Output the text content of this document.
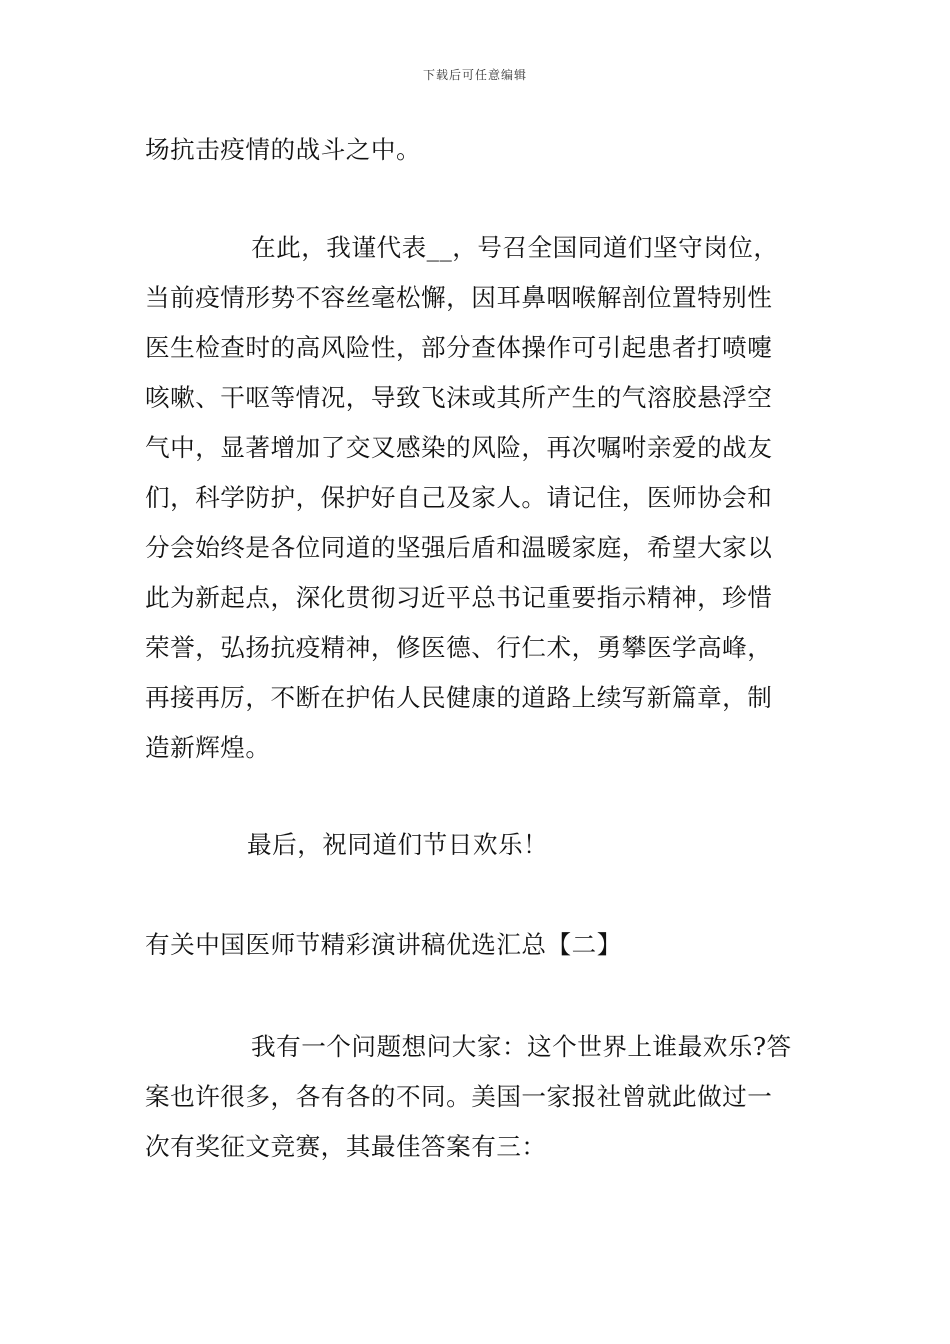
下载后可任意编辑

场抗击疫情的战斗之中。

在此，我谨代表__，号召全国同道们坚守岗位，
当前疫情形势不容丝毫松懈，因耳鼻咽喉解剖位置特别性
医生检查时的高风险性，部分查体操作可引起患者打喷嚏
咳嗽、干呕等情况，导致飞沫或其所产生的气溶胶悬浮空
气中，显著增加了交叉感染的风险，再次嘱咐亲爱的战友
们，科学防护，保护好自己及家人。请记住，医师协会和
分会始终是各位同道的坚强后盾和温暖家庭，希望大家以
此为新起点，深化贯彻习近平总书记重要指示精神，珍惜
荣誉，弘扬抗疫精神，修医德、行仁术，勇攀医学高峰，
再接再厉，不断在护佑人民健康的道路上续写新篇章，制
造新辉煌。

最后，祝同道们节日欢乐！

有关中国医师节精彩演讲稿优选汇总【二】

我有一个问题想问大家：这个世界上谁最欢乐?答
案也许很多，各有各的不同。美国一家报社曾就此做过一
次有奖征文竞赛，其最佳答案有三：
